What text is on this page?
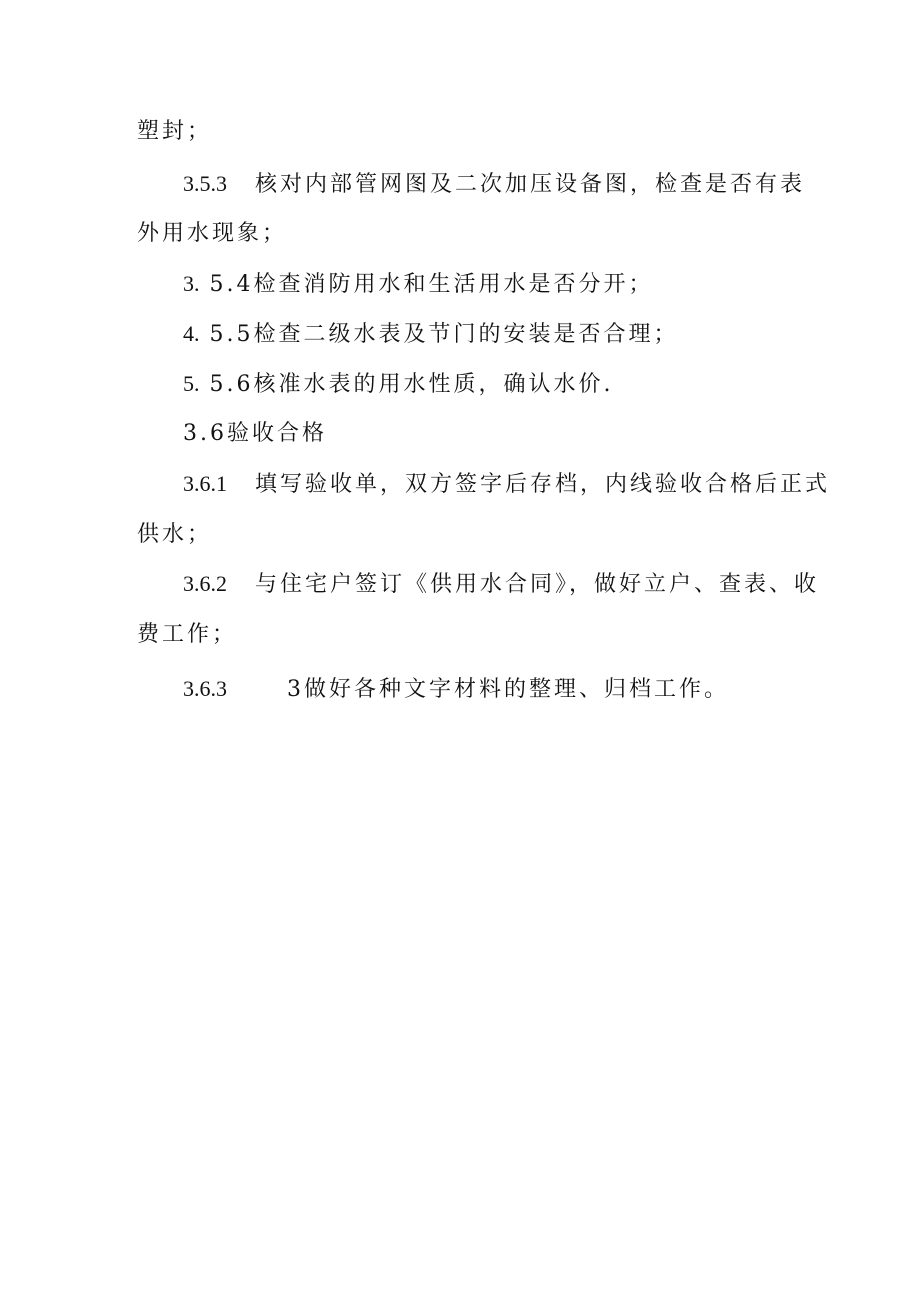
塑封；
3.5.3 核对内部管网图及二次加压设备图，检查是否有表
外用水现象；
3. 5.4检查消防用水和生活用水是否分开；
4. 5.5检查二级水表及节门的安装是否合理；
5. 5.6核准水表的用水性质，确认水价.
3.6验收合格
3.6.1 填写验收单，双方签字后存档，内线验收合格后正式
供水；
3.6.2 与住宅户签订《供用水合同》，做好立户、查表、收
费工作；
3.6.3	3做好各种文字材料的整理、归档工作。
